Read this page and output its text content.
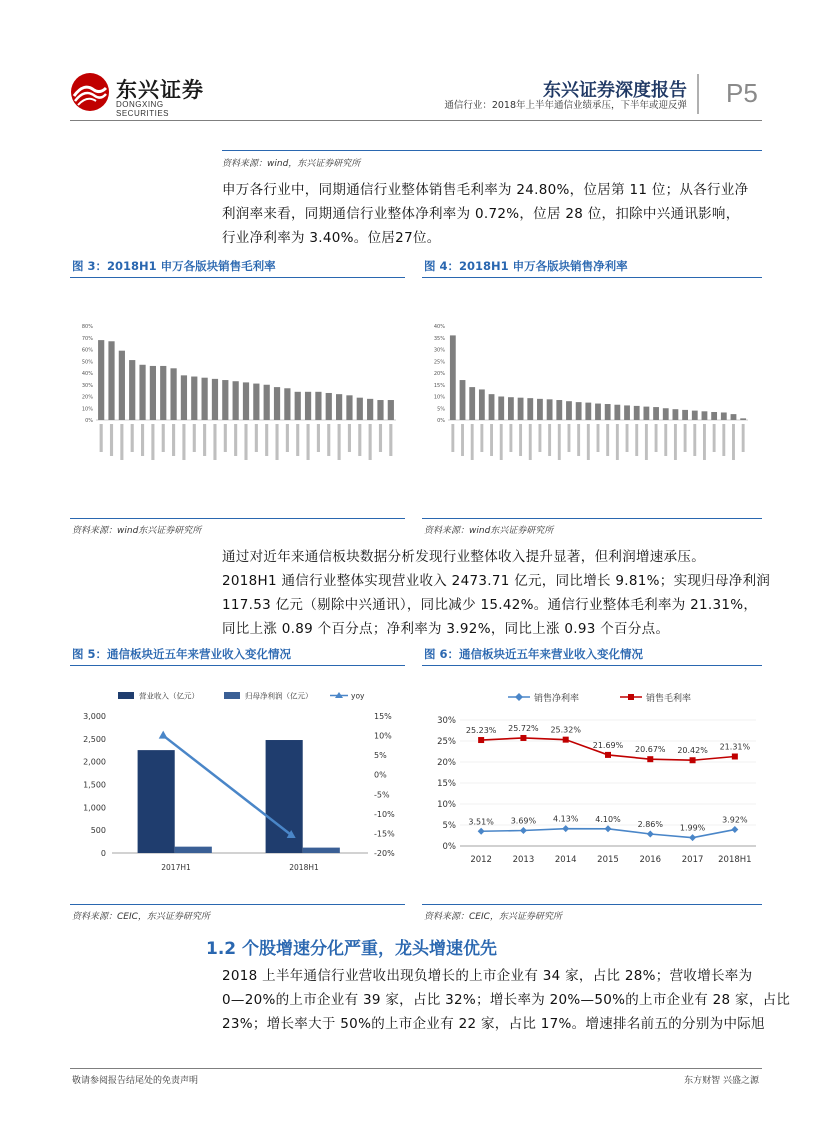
东兴证券
DONGXING SECURITIES
东兴证券深度报告
通信行业：2018年上半年通信业绩承压，下半年或迎反弹 P5
资料来源：wind，东兴证券研究所

申万各行业中，同期通信行业整体销售毛利率为 24.80%，位居第 11 位；从各行业净

利润率来看，同期通信行业整体净利率为 0.72%，位居 28 位，扣除中兴通讯影响，

行业净利率为 3.40%。位居27位。

图 3：2018H1 申万各版块销售毛利率	图 4：2018H1 申万各版块销售净利率
80%
70%
60%
50%
40%
30%
20%
10%
0%
40%
35%
30%
25%
20%
15%
10%
5%
0%
资料来源：wind东兴证券研究所	资料来源：wind东兴证券研究所

通过对近年来通信板块数据分析发现行业整体收入提升显著，但利润增速承压。

2018H1 通信行业整体实现营业收入 2473.71 亿元，同比增长 9.81%；实现归母净利润

117.53 亿元（剔除中兴通讯），同比减少 15.42%。通信行业整体毛利率为 21.31%，

同比上涨 0.89 个百分点；净利率为 3.92%，同比上涨 0.93 个百分点。

图 5：通信板块近五年来营业收入变化情况	图 6：通信板块近五年来营业收入变化情况
营业收入（亿元）	归母净利润（亿元）	yoy
3,000
2,500
2,000
1,500
1,000
500
0
15%
10%
5%
0%
-5%
-10%
-15%
-20%
2017H1	2018H1
销售净利率	销售毛利率
30%
25%
20%
15%
10%
5%
0%
2012 2013 2014 2015 2016 2017 2018H1
3.51% 3.69% 4.13% 4.10%
2.86% 1.99%
3.92%
25.23% 25.72% 25.32%
21.69% 20.67% 20.42% 21.31%
资料来源：CEIC，东兴证券研究所	资料来源：CEIC，东兴证券研究所
1.2 个股增速分化严重，龙头增速优先

2018 上半年通信行业营收出现负增长的上市企业有 34 家，占比 28%；营收增长率为

0—20%的上市企业有 39 家，占比 32%；增长率为 20%—50%的上市企业有 28 家，占比

23%；增长率大于 50%的上市企业有 22 家，占比 17%。增速排名前五的分别为中际旭

敬请参阅报告结尾处的免责声明	东方财智 兴盛之源
